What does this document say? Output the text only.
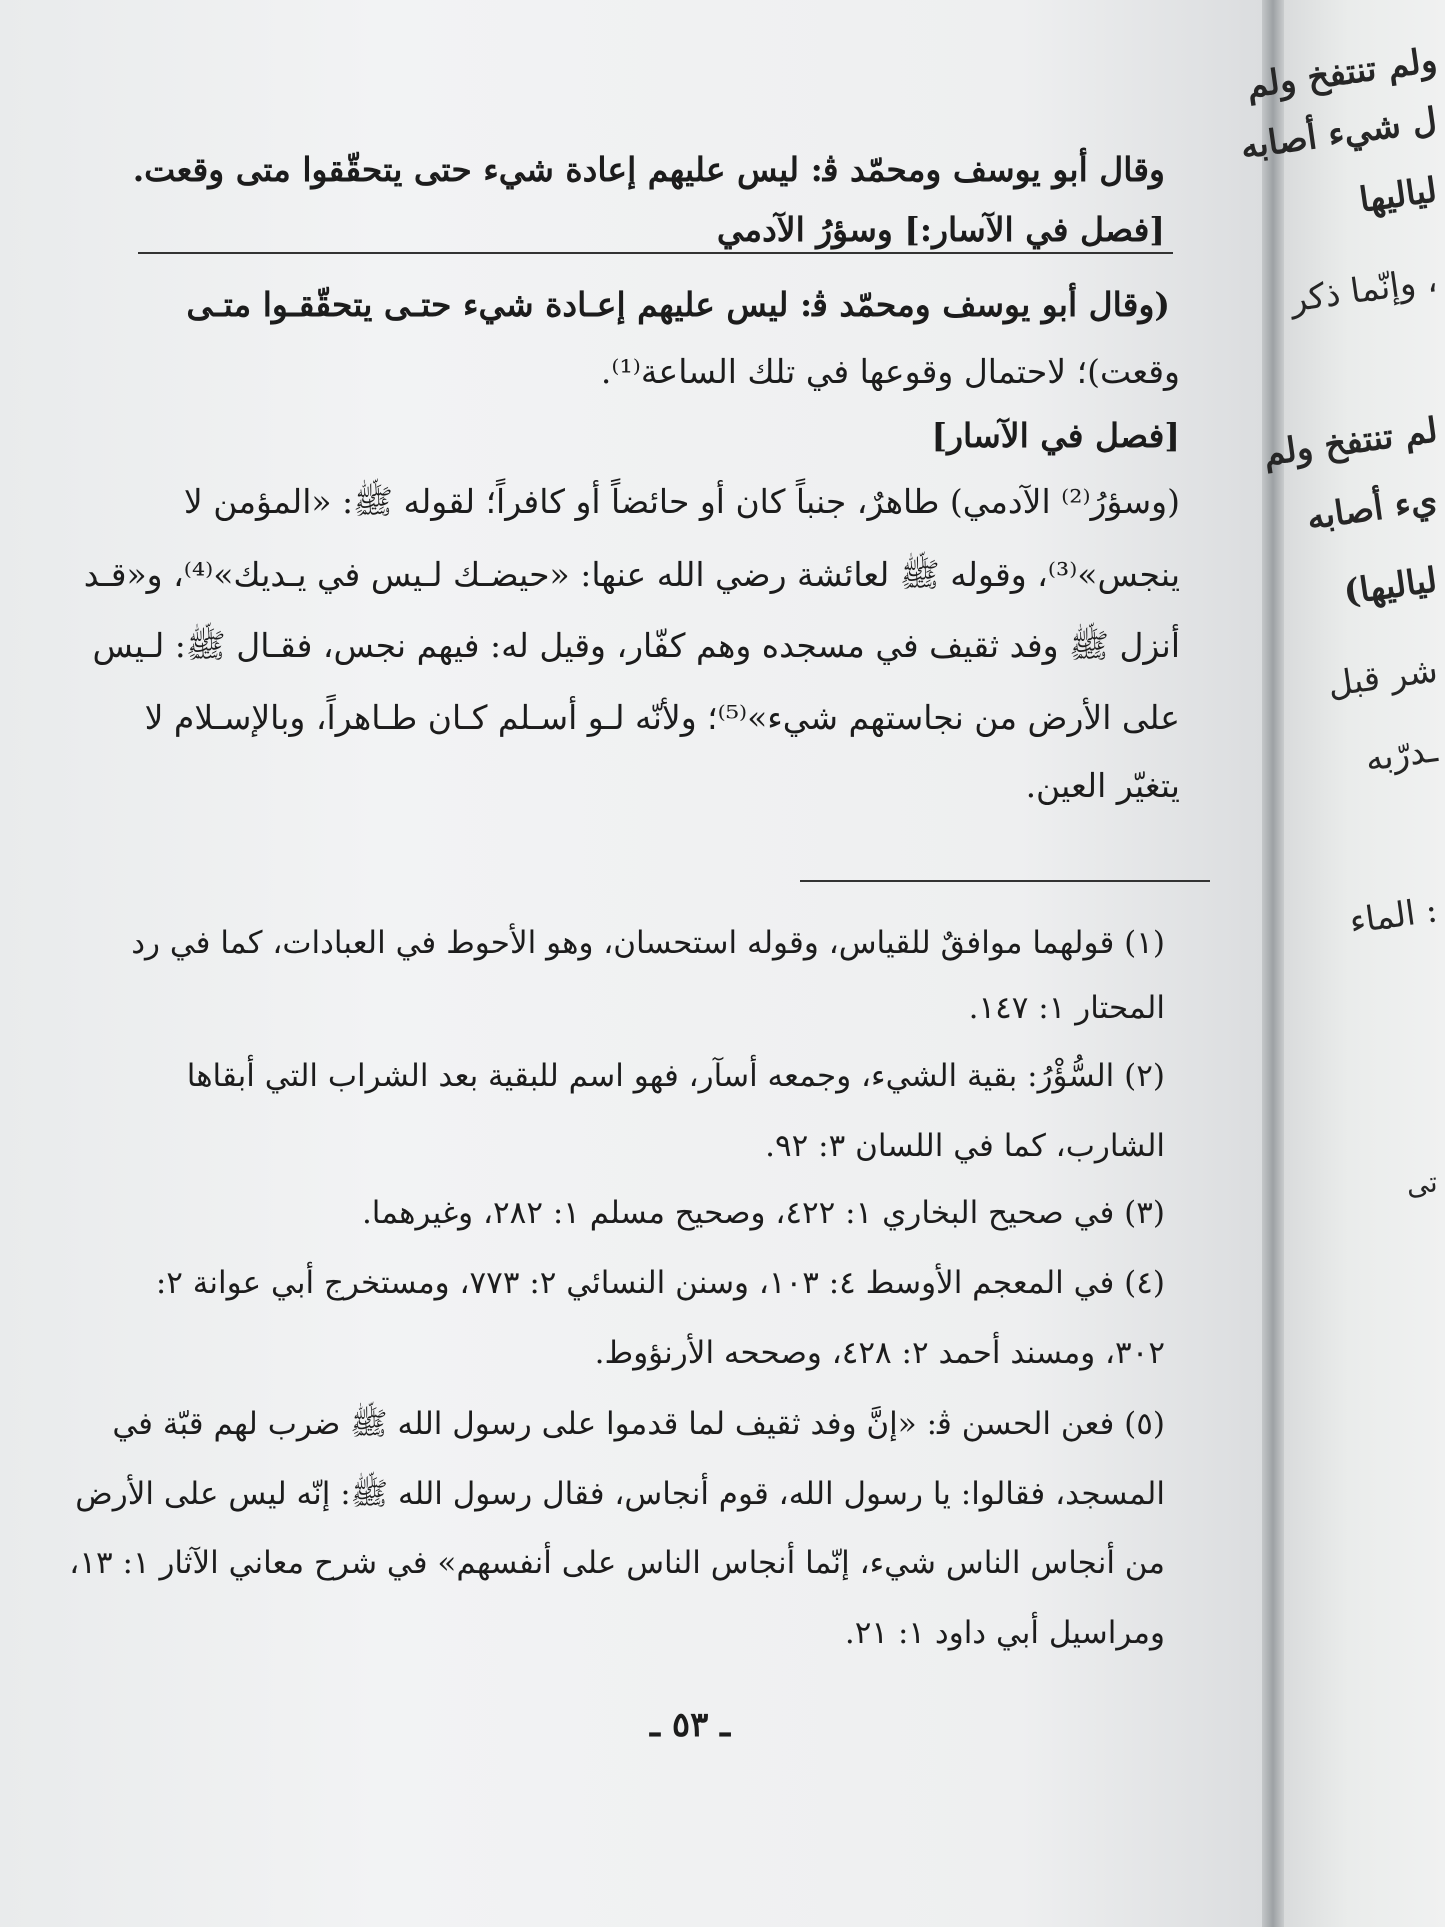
وقال أبو يوسف ومحمّد ﭬ: ليس عليهم إعادة شيء حتى يتحقّقوا متى وقعت.
[فصل في الآسار:] وسؤرُ الآدمي
(وقال أبو يوسف ومحمّد ﭬ: ليس عليهم إعـادة شيء حتـى يتحقّقـوا متـى
وقعت)؛ لاحتمال وقوعها في تلك الساعة⁽¹⁾.
[فصل في الآسار]
(وسؤرُ⁽²⁾ الآدمي) طاهرٌ، جنباً كان أو حائضاً أو كافراً؛ لقوله ﷺ: «المؤمن لا
ينجس»⁽³⁾، وقوله ﷺ لعائشة رضي الله عنها: «حيضـك لـيس في يـديك»⁽⁴⁾، و«قـد
أنزل ﷺ وفد ثقيف في مسجده وهم كفّار، وقيل له: فيهم نجس، فقـال ﷺ: لـيس
على الأرض من نجاستهم شيء»⁽⁵⁾؛ ولأنّه لـو أسـلم كـان طـاهراً، وبالإسـلام لا
يتغيّر العين.
(١) قولهما موافقٌ للقياس، وقوله استحسان، وهو الأحوط في العبادات، كما في رد
المحتار ١: ١٤٧.
(٢) السُّؤْرُ: بقية الشيء، وجمعه أسآر، فهو اسم للبقية بعد الشراب التي أبقاها
الشارب، كما في اللسان ٣: ٩٢.
(٣) في صحيح البخاري ١: ٤٢٢، وصحيح مسلم ١: ٢٨٢، وغيرهما.
(٤) في المعجم الأوسط ٤: ١٠٣، وسنن النسائي ٢: ٧٧٣، ومستخرج أبي عوانة ٢:
٣٠٢، ومسند أحمد ٢: ٤٢٨، وصححه الأرنؤوط.
(٥) فعن الحسن ﭬ: «إنَّ وفد ثقيف لما قدموا على رسول الله ﷺ ضرب لهم قبّة في
المسجد، فقالوا: يا رسول الله، قوم أنجاس، فقال رسول الله ﷺ: إنّه ليس على الأرض
من أنجاس الناس شيء، إنّما أنجاس الناس على أنفسهم» في شرح معاني الآثار ١: ١٣،
ومراسيل أبي داود ١: ٢١.
ـ ٥٣ ـ
ولم تنتفخ ولم
ل شيء أصابه
لياليها
، وإنّما ذكر
لم تنتفخ ولم
يء أصابه
لياليها)
شر قبل
ـدرّبه
: الماء
تى
